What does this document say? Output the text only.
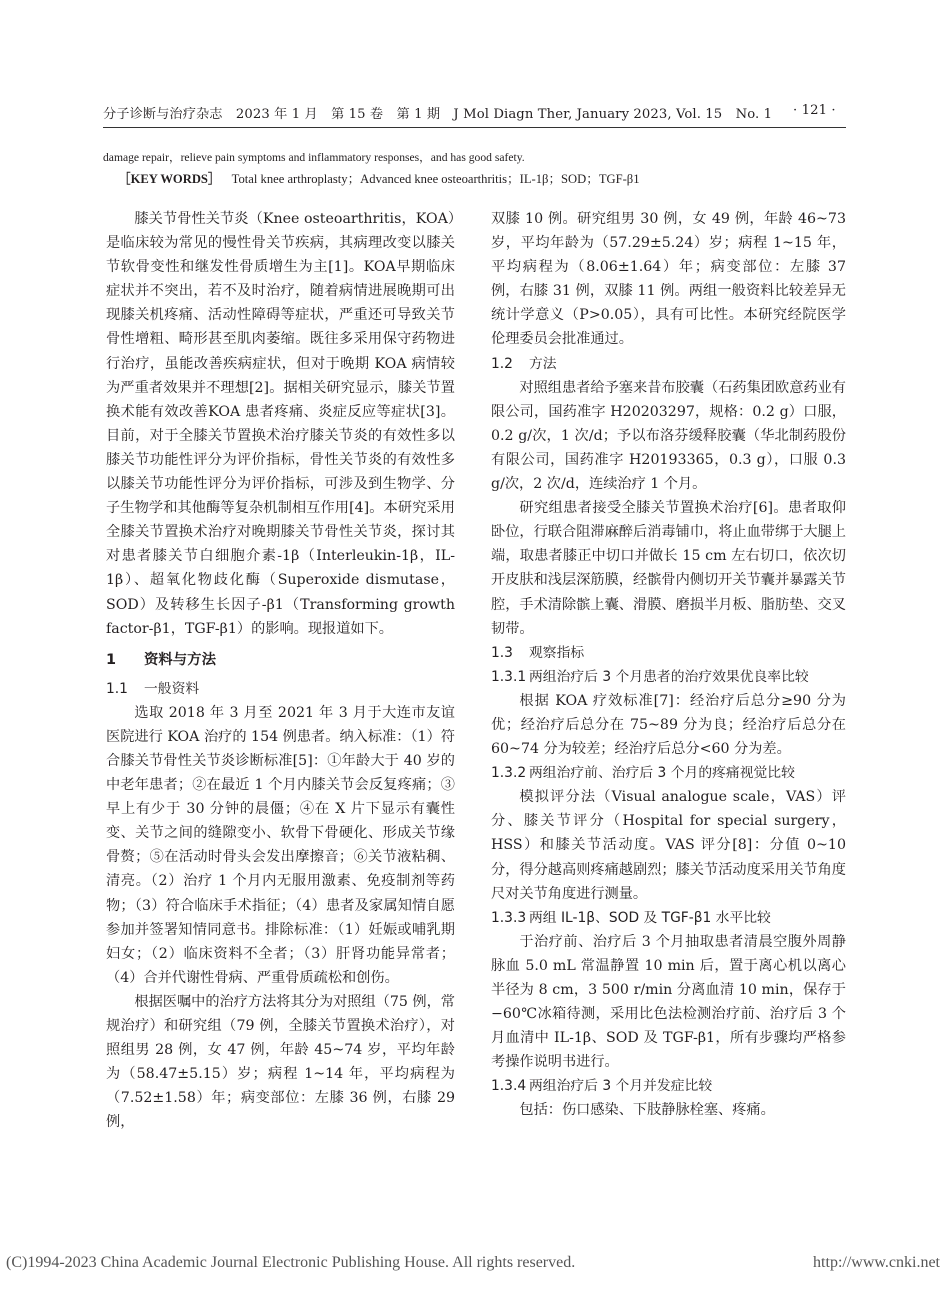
分子诊断与治疗杂志　2023 年 1 月　第 15 卷　第 1 期　J Mol Diagn Ther, January 2023, Vol. 15　No. 1 · 121 ·
damage repair，relieve pain symptoms and inflammatory responses，and has good safety.
［KEY WORDS］ Total knee arthroplasty；Advanced knee osteoarthritis；IL-1β；SOD；TGF-β1

膝关节骨性关节炎（Knee osteoarthritis，KOA）是临床较为常见的慢性骨关节疾病，其病理改变以膝关节软骨变性和继发性骨质增生为主[1]。KOA早期临床症状并不突出，若不及时治疗，随着病情进展晚期可出现膝关机疼痛、活动性障碍等症状，严重还可导致关节骨性增粗、畸形甚至肌肉萎缩。既往多采用保守药物进行治疗，虽能改善疾病症状，但对于晚期 KOA 病情较为严重者效果并不理想[2]。据相关研究显示，膝关节置换术能有效改善KOA 患者疼痛、炎症反应等症状[3]。目前，对于全膝关节置换术治疗膝关节炎的有效性多以膝关节功能性评分为评价指标，骨性关节炎的有效性多以膝关节功能性评分为评价指标，可涉及到生物学、分子生物学和其他酶等复杂机制相互作用[4]。本研究采用全膝关节置换术治疗对晚期膝关节骨性关节炎，探讨其对患者膝关节白细胞介素-1β（Interleukin-1β，IL-1β）、超氧化物歧化酶（Superoxide dismutase，SOD）及转移生长因子-β1（Transforming growth factor-β1，TGF-β1）的影响。现报道如下。

1 资料与方法

1.1 一般资料

选取 2018 年 3 月至 2021 年 3 月于大连市友谊医院进行 KOA 治疗的 154 例患者。纳入标准：（1）符合膝关节骨性关节炎诊断标准[5]：①年龄大于 40 岁的中老年患者；②在最近 1 个月内膝关节会反复疼痛；③早上有少于 30 分钟的晨僵；④在 X 片下显示有囊性变、关节之间的缝隙变小、软骨下骨硬化、形成关节缘骨赘；⑤在活动时骨头会发出摩擦音；⑥关节液粘稠、清亮。（2）治疗 1 个月内无服用激素、免疫制剂等药物；（3）符合临床手术指征；（4）患者及家属知情自愿参加并签署知情同意书。排除标准：（1）妊娠或哺乳期妇女；（2）临床资料不全者；（3）肝肾功能异常者；（4）合并代谢性骨病、严重骨质疏松和创伤。

根据医嘱中的治疗方法将其分为对照组（75 例，常规治疗）和研究组（79 例，全膝关节置换术治疗），对照组男 28 例，女 47 例，年龄 45~74 岁，平均年龄为（58.47±5.15）岁；病程 1~14 年，平均病程为（7.52±1.58）年；病变部位：左膝 36 例，右膝 29 例，

双膝 10 例。研究组男 30 例，女 49 例，年龄 46~73 岁，平均年龄为（57.29±5.24）岁；病程 1~15 年，平均病程为（8.06±1.64）年；病变部位：左膝 37 例，右膝 31 例，双膝 11 例。两组一般资料比较差异无统计学意义（P>0.05），具有可比性。本研究经院医学伦理委员会批准通过。

1.2 方法

对照组患者给予塞来昔布胶囊（石药集团欧意药业有限公司，国药准字 H20203297，规格：0.2 g）口服，0.2 g/次，1 次/d；予以布洛芬缓释胶囊（华北制药股份有限公司，国药准字 H20193365，0.3 g），口服 0.3 g/次，2 次/d，连续治疗 1 个月。

研究组患者接受全膝关节置换术治疗[6]。患者取仰卧位，行联合阻滞麻醉后消毒铺巾，将止血带绑于大腿上端，取患者膝正中切口并做长 15 cm 左右切口，依次切开皮肤和浅层深筋膜，经髌骨内侧切开关节囊并暴露关节腔，手术清除髌上囊、滑膜、磨损半月板、脂肪垫、交叉韧带。

1.3 观察指标

1.3.1 两组治疗后 3 个月患者的治疗效果优良率比较

根据 KOA 疗效标准[7]：经治疗后总分≥90 分为优；经治疗后总分在 75~89 分为良；经治疗后总分在 60~74 分为较差；经治疗后总分<60 分为差。

1.3.2 两组治疗前、治疗后 3 个月的疼痛视觉比较

模拟评分法（Visual analogue scale，VAS）评分、膝关节评分（Hospital for special surgery，HSS）和膝关节活动度。VAS 评分[8]：分值 0~10 分，得分越高则疼痛越剧烈；膝关节活动度采用关节角度尺对关节角度进行测量。

1.3.3 两组 IL-1β、SOD 及 TGF-β1 水平比较

于治疗前、治疗后 3 个月抽取患者清晨空腹外周静脉血 5.0 mL 常温静置 10 min 后，置于离心机以离心半径为 8 cm，3 500 r/min 分离血清 10 min，保存于−60℃冰箱待测，采用比色法检测治疗前、治疗后 3 个月血清中 IL-1β、SOD 及 TGF-β1，所有步骤均严格参考操作说明书进行。

1.3.4 两组治疗后 3 个月并发症比较

包括：伤口感染、下肢静脉栓塞、疼痛。

(C)1994-2023 China Academic Journal Electronic Publishing House. All rights reserved.	http://www.cnki.net
